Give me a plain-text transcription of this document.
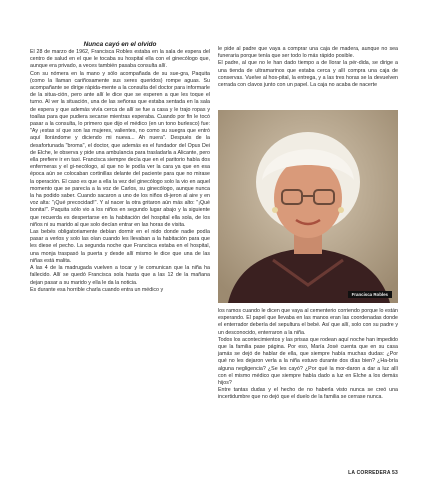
Nunca cayó en el olvido

El 28 de marzo de 1962, Francisca Robles estaba en la sala de espera del centro de salud en el que le tocaba su hospital ella con el ginecólogo que, aunque era privado, a veces también pasaba consulta allí.

Con su nómera en la mano y sólo acompañada de su sue-gra, Paquita (como la llaman cariñosamente sus seres queridos) rompe aguas. Su acompañante se dirige rápida-mente a la consulta del doctor para informarle de la situa-ción, pero ante allí le dice que se esperen a que les toque el turno. Al ver la situación, una de las señoras que estaba sentada en la sala de espera y que además vivía cerca de allí se fue a casa y le trajo ropas y toallas para que pudiera secarse mientras esperaba. Cuando por fin le tocó pasar a la consulta, lo primero que dijo el médico (en un tono burlesco) fue: "Ay ¡estas sí que son las mujeres, valientes, no como su suegra que entró aquí llorándome y diciendo mi nueva... Ah nuera". Después de la desafortunada "broma", el doctor, que además es el fundador del Opus Dei de Elche, le observa y pide una ambulancia para trasladarla a Alicante, pero ella prefiere ir en taxi. Francisca siempre decía que en el paritorio había dos enfermeras y el gi-necólogo, al que no le podía ver la cara ya que en esa época aún se colocaban cortinillas delante del paciente para que no mirase la operación. El caso es que a ella la vez del ginecólogo solo la vio en aquel momento que se parecía a la voz de Carlos, su ginecólogo, aunque nunca la ha podido saber. Cuando sacaron a uno de los niños di-jeron al aire y en voz alta: "¡Qué precocidad!". Y al nacer la otra gritaron aún más alto: "¡Qué bonita!". Paquita sólo vio a los niños en segundo lugar abajo y la siguiente que recuerda es despertarse en la habitación del hospital ella sola, de los niños ni su marido al que solo decían entrar en las horas de visita.

Las bebés obligatoriamente debían dormir en el nido donde nadie podía pasar a verlos y solo las oían cuando les llevaban a la habitación para que les diese el pecho. La segunda noche que Francisca estaba en el hospital, una monja traspasó la puerta y desde allí mismo le dice que una de las niñas está malita.

A las 4 de la madrugada vuelven a tocar y le comunican que la niña ha fallecido. Allí se quedó Francisca sola hasta que a las 12 de la mañana dejan pasar a su marido y ella le da la noticia.

Es durante esa horrible charla cuando entra un médico y

le pide al padre que vaya a comprar una caja de madera, aunque no sea funeraria porque tenía que ser todo lo más rápido posible.

El padre, al que no le han dado tiempo a de llorar la pér-dida, se dirige a una tienda de ultramarinos que estaba cerca y allí compra una caja de conservas. Vuelve al hos-pital, la entrega, y a las tres horas se la devuelven cerrada con clavos junto con un papel. La caja no acaba de nacerte

Francisca Robles

los ramos cuando le dicen que vaya al cementerio corriendo porque lo están esperando. El papel que llevaba en las manos eran las coordenadas donde el enterrador debería del sepultura el bebé. Así que allí, solo con su padre y un desconocido, enterraron a la niña.

Todos los acontecimientos y las prisas que rodean aquí noche han impedido que la familia pase página. Por eso, María José cuenta que en su casa jamás se dejó de hablar de ella, que siempre había muchas dudas: ¿Por qué no les dejaron verla a la niña estuvo durante dos días bien? ¿Ha-bría alguna negligencia? ¿Se les cayó? ¿Por qué la mor-daron a dar a luz allí con el mismo médico que siempre había dado a luz en Elche a los demás hijos?

Entre tantas dudas y el hecho de no haberla visto nunca se creó una incertidumbre que no dejó que el duelo de la familia se cerrase nunca.

LA CORREDERA 53
